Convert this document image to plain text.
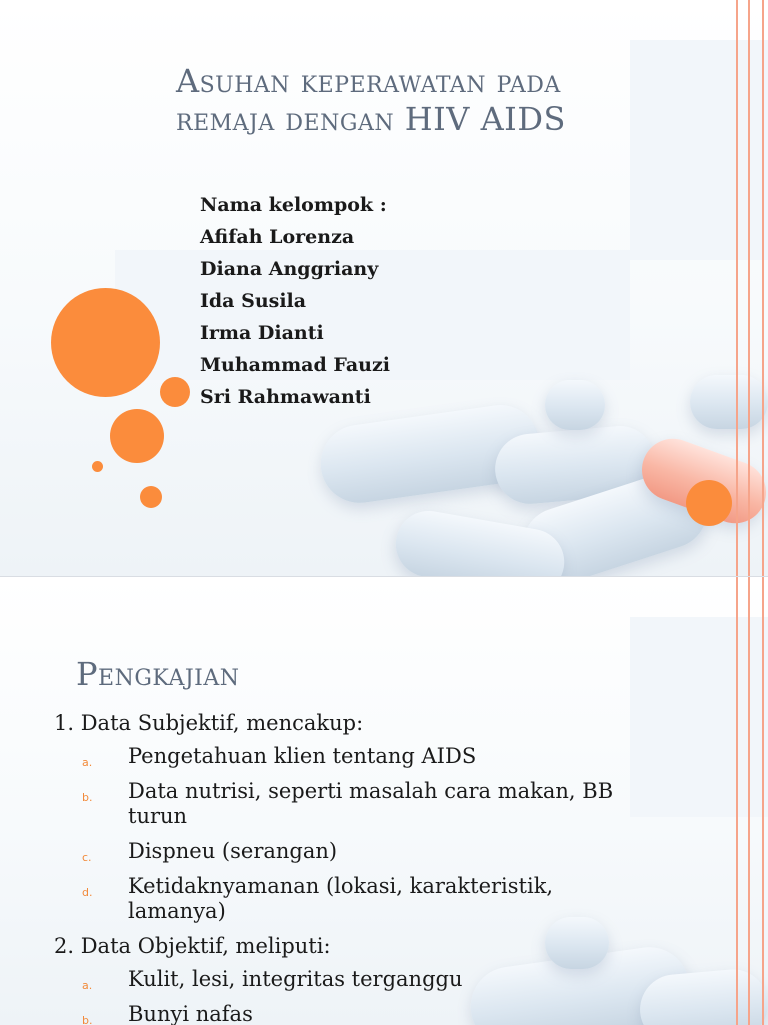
Asuhan keperawatan pada remaja dengan HIV AIDS
Nama kelompok :
Afifah Lorenza
Diana Anggriany
Ida Susila
Irma Dianti
Muhammad Fauzi
Sri Rahmawanti
Pengkajian
1. Data Subjektif, mencakup:
a. Pengetahuan klien tentang AIDS
b. Data nutrisi, seperti masalah cara makan, BB turun
c. Dispneu (serangan)
d. Ketidaknyamanan (lokasi, karakteristik, lamanya)
2. Data Objektif, meliputi:
a. Kulit, lesi, integritas terganggu
b. Bunyi nafas
